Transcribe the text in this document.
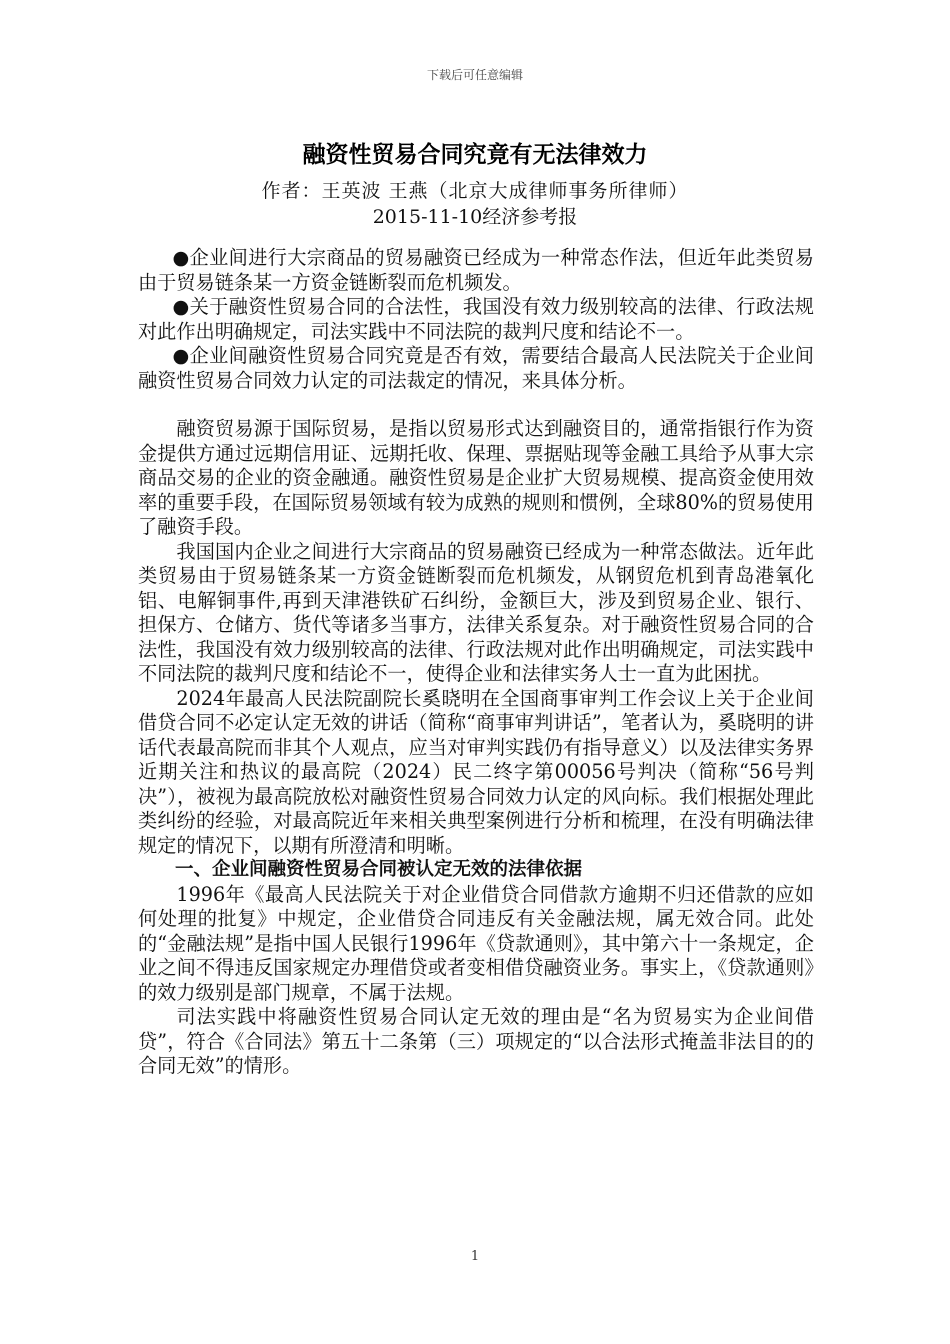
下载后可任意编辑
融资性贸易合同究竟有无法律效力
作者：王英波 王燕（北京大成律师事务所律师）
2015-11-10经济参考报

●企业间进行大宗商品的贸易融资已经成为一种常态作法，但近年此类贸易由于贸易链条某一方资金链断裂而危机频发。

●关于融资性贸易合同的合法性，我国没有效力级别较高的法律、行政法规对此作出明确规定，司法实践中不同法院的裁判尺度和结论不一。

●企业间融资性贸易合同究竟是否有效，需要结合最高人民法院关于企业间融资性贸易合同效力认定的司法裁定的情况，来具体分析。

融资贸易源于国际贸易，是指以贸易形式达到融资目的，通常指银行作为资金提供方通过远期信用证、远期托收、保理、票据贴现等金融工具给予从事大宗商品交易的企业的资金融通。融资性贸易是企业扩大贸易规模、提高资金使用效率的重要手段，在国际贸易领域有较为成熟的规则和惯例，全球80%的贸易使用了融资手段。

我国国内企业之间进行大宗商品的贸易融资已经成为一种常态做法。近年此类贸易由于贸易链条某一方资金链断裂而危机频发，从钢贸危机到青岛港氧化铝、电解铜事件,再到天津港铁矿石纠纷，金额巨大，涉及到贸易企业、银行、担保方、仓储方、货代等诸多当事方，法律关系复杂。对于融资性贸易合同的合法性，我国没有效力级别较高的法律、行政法规对此作出明确规定，司法实践中不同法院的裁判尺度和结论不一，使得企业和法律实务人士一直为此困扰。

2024年最高人民法院副院长奚晓明在全国商事审判工作会议上关于企业间借贷合同不必定认定无效的讲话（简称“商事审判讲话”，笔者认为，奚晓明的讲话代表最高院而非其个人观点，应当对审判实践仍有指导意义）以及法律实务界近期关注和热议的最高院（2024）民二终字第00056号判决（简称“56号判决”），被视为最高院放松对融资性贸易合同效力认定的风向标。我们根据处理此类纠纷的经验，对最高院近年来相关典型案例进行分析和梳理，在没有明确法律规定的情况下，以期有所澄清和明晰。

一、企业间融资性贸易合同被认定无效的法律依据

1996年《最高人民法院关于对企业借贷合同借款方逾期不归还借款的应如何处理的批复》中规定，企业借贷合同违反有关金融法规，属无效合同。此处的“金融法规”是指中国人民银行1996年《贷款通则》，其中第六十一条规定，企业之间不得违反国家规定办理借贷或者变相借贷融资业务。事实上，《贷款通则》的效力级别是部门规章，不属于法规。

司法实践中将融资性贸易合同认定无效的理由是“名为贸易实为企业间借贷”，符合《合同法》第五十二条第（三）项规定的“以合法形式掩盖非法目的的合同无效”的情形。

1
